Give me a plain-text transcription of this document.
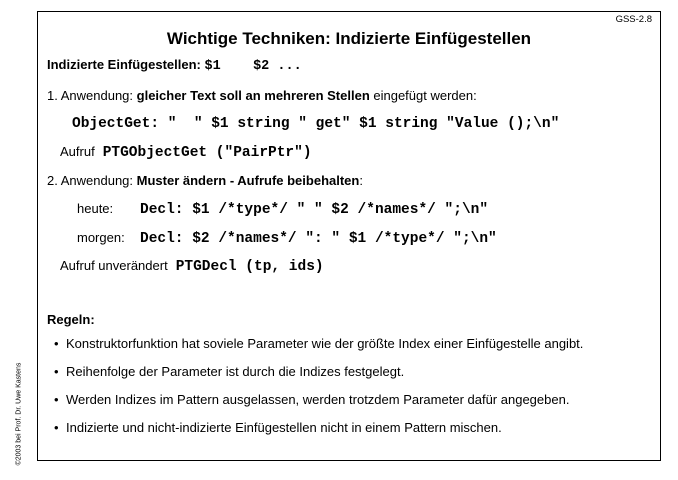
©2003 bei Prof. Dr. Uwe Kastens
GSS-2.8
Wichtige Techniken: Indizierte Einfügestellen
Indizierte Einfügestellen: $1    $2 ...
1. Anwendung: gleicher Text soll an mehreren Stellen eingefügt werden:
ObjectGet: "  " $1 string " get" $1 string "Value ();\n"
Aufruf PTGObjectGet ("PairPtr")
2. Anwendung: Muster ändern - Aufrufe beibehalten:
heute: Decl: $1 /*type*/ " " $2 /*names*/ ";\n"
morgen: Decl: $2 /*names*/ ": " $1 /*type*/ ";\n"
Aufruf unverändert PTGDecl (tp, ids)
Regeln:
• Konstruktorfunktion hat soviele Parameter wie der größte Index einer Einfügestelle angibt.
• Reihenfolge der Parameter ist durch die Indizes festgelegt.
• Werden Indizes im Pattern ausgelassen, werden trotzdem Parameter dafür angegeben.
• Indizierte und nicht-indizierte Einfügestellen nicht in einem Pattern mischen.
